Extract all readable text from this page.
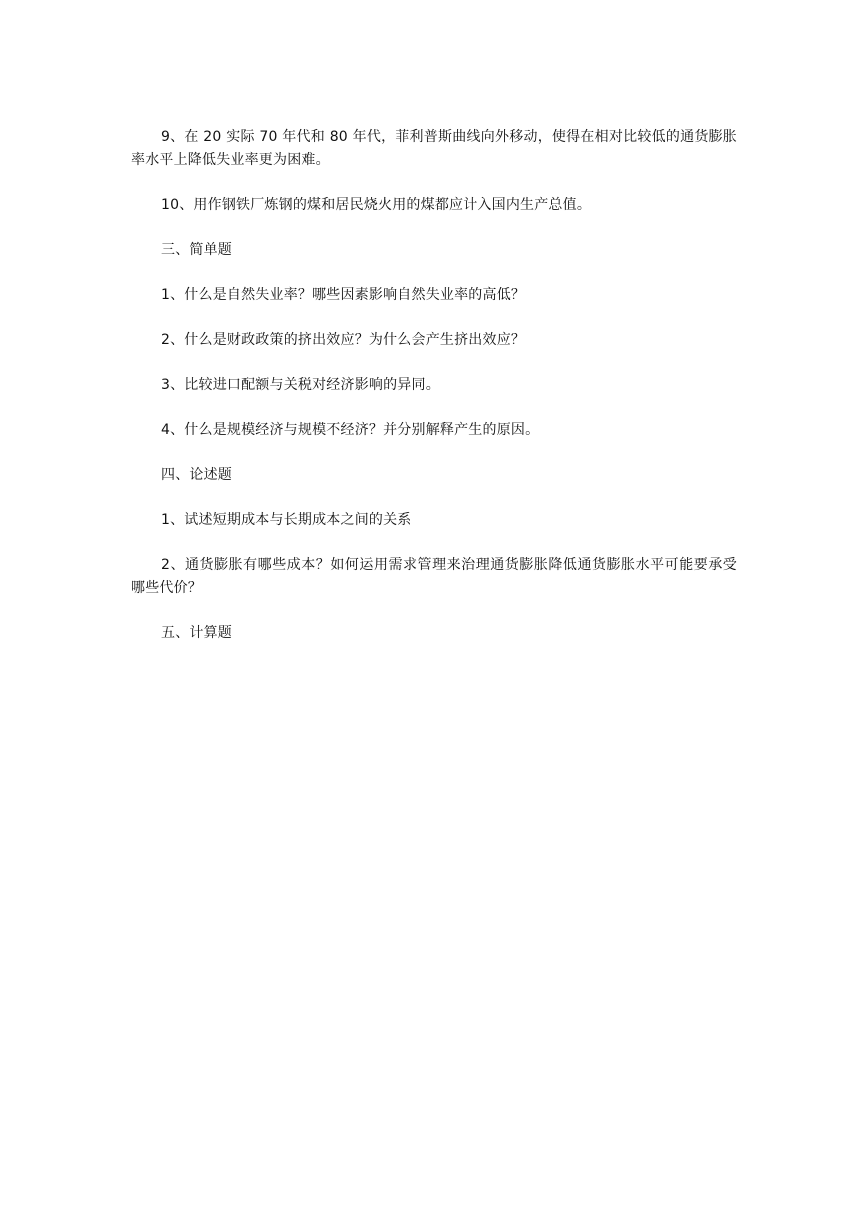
9、在 20 实际 70 年代和 80 年代，菲利普斯曲线向外移动，使得在相对比较低的通货膨胀率水平上降低失业率更为困难。

10、用作钢铁厂炼钢的煤和居民烧火用的煤都应计入国内生产总值。

三、简单题

1、什么是自然失业率？哪些因素影响自然失业率的高低？

2、什么是财政政策的挤出效应？为什么会产生挤出效应？

3、比较进口配额与关税对经济影响的异同。

4、什么是规模经济与规模不经济？并分别解释产生的原因。

四、论述题

1、试述短期成本与长期成本之间的关系

2、通货膨胀有哪些成本？如何运用需求管理来治理通货膨胀降低通货膨胀水平可能要承受哪些代价？

五、计算题
